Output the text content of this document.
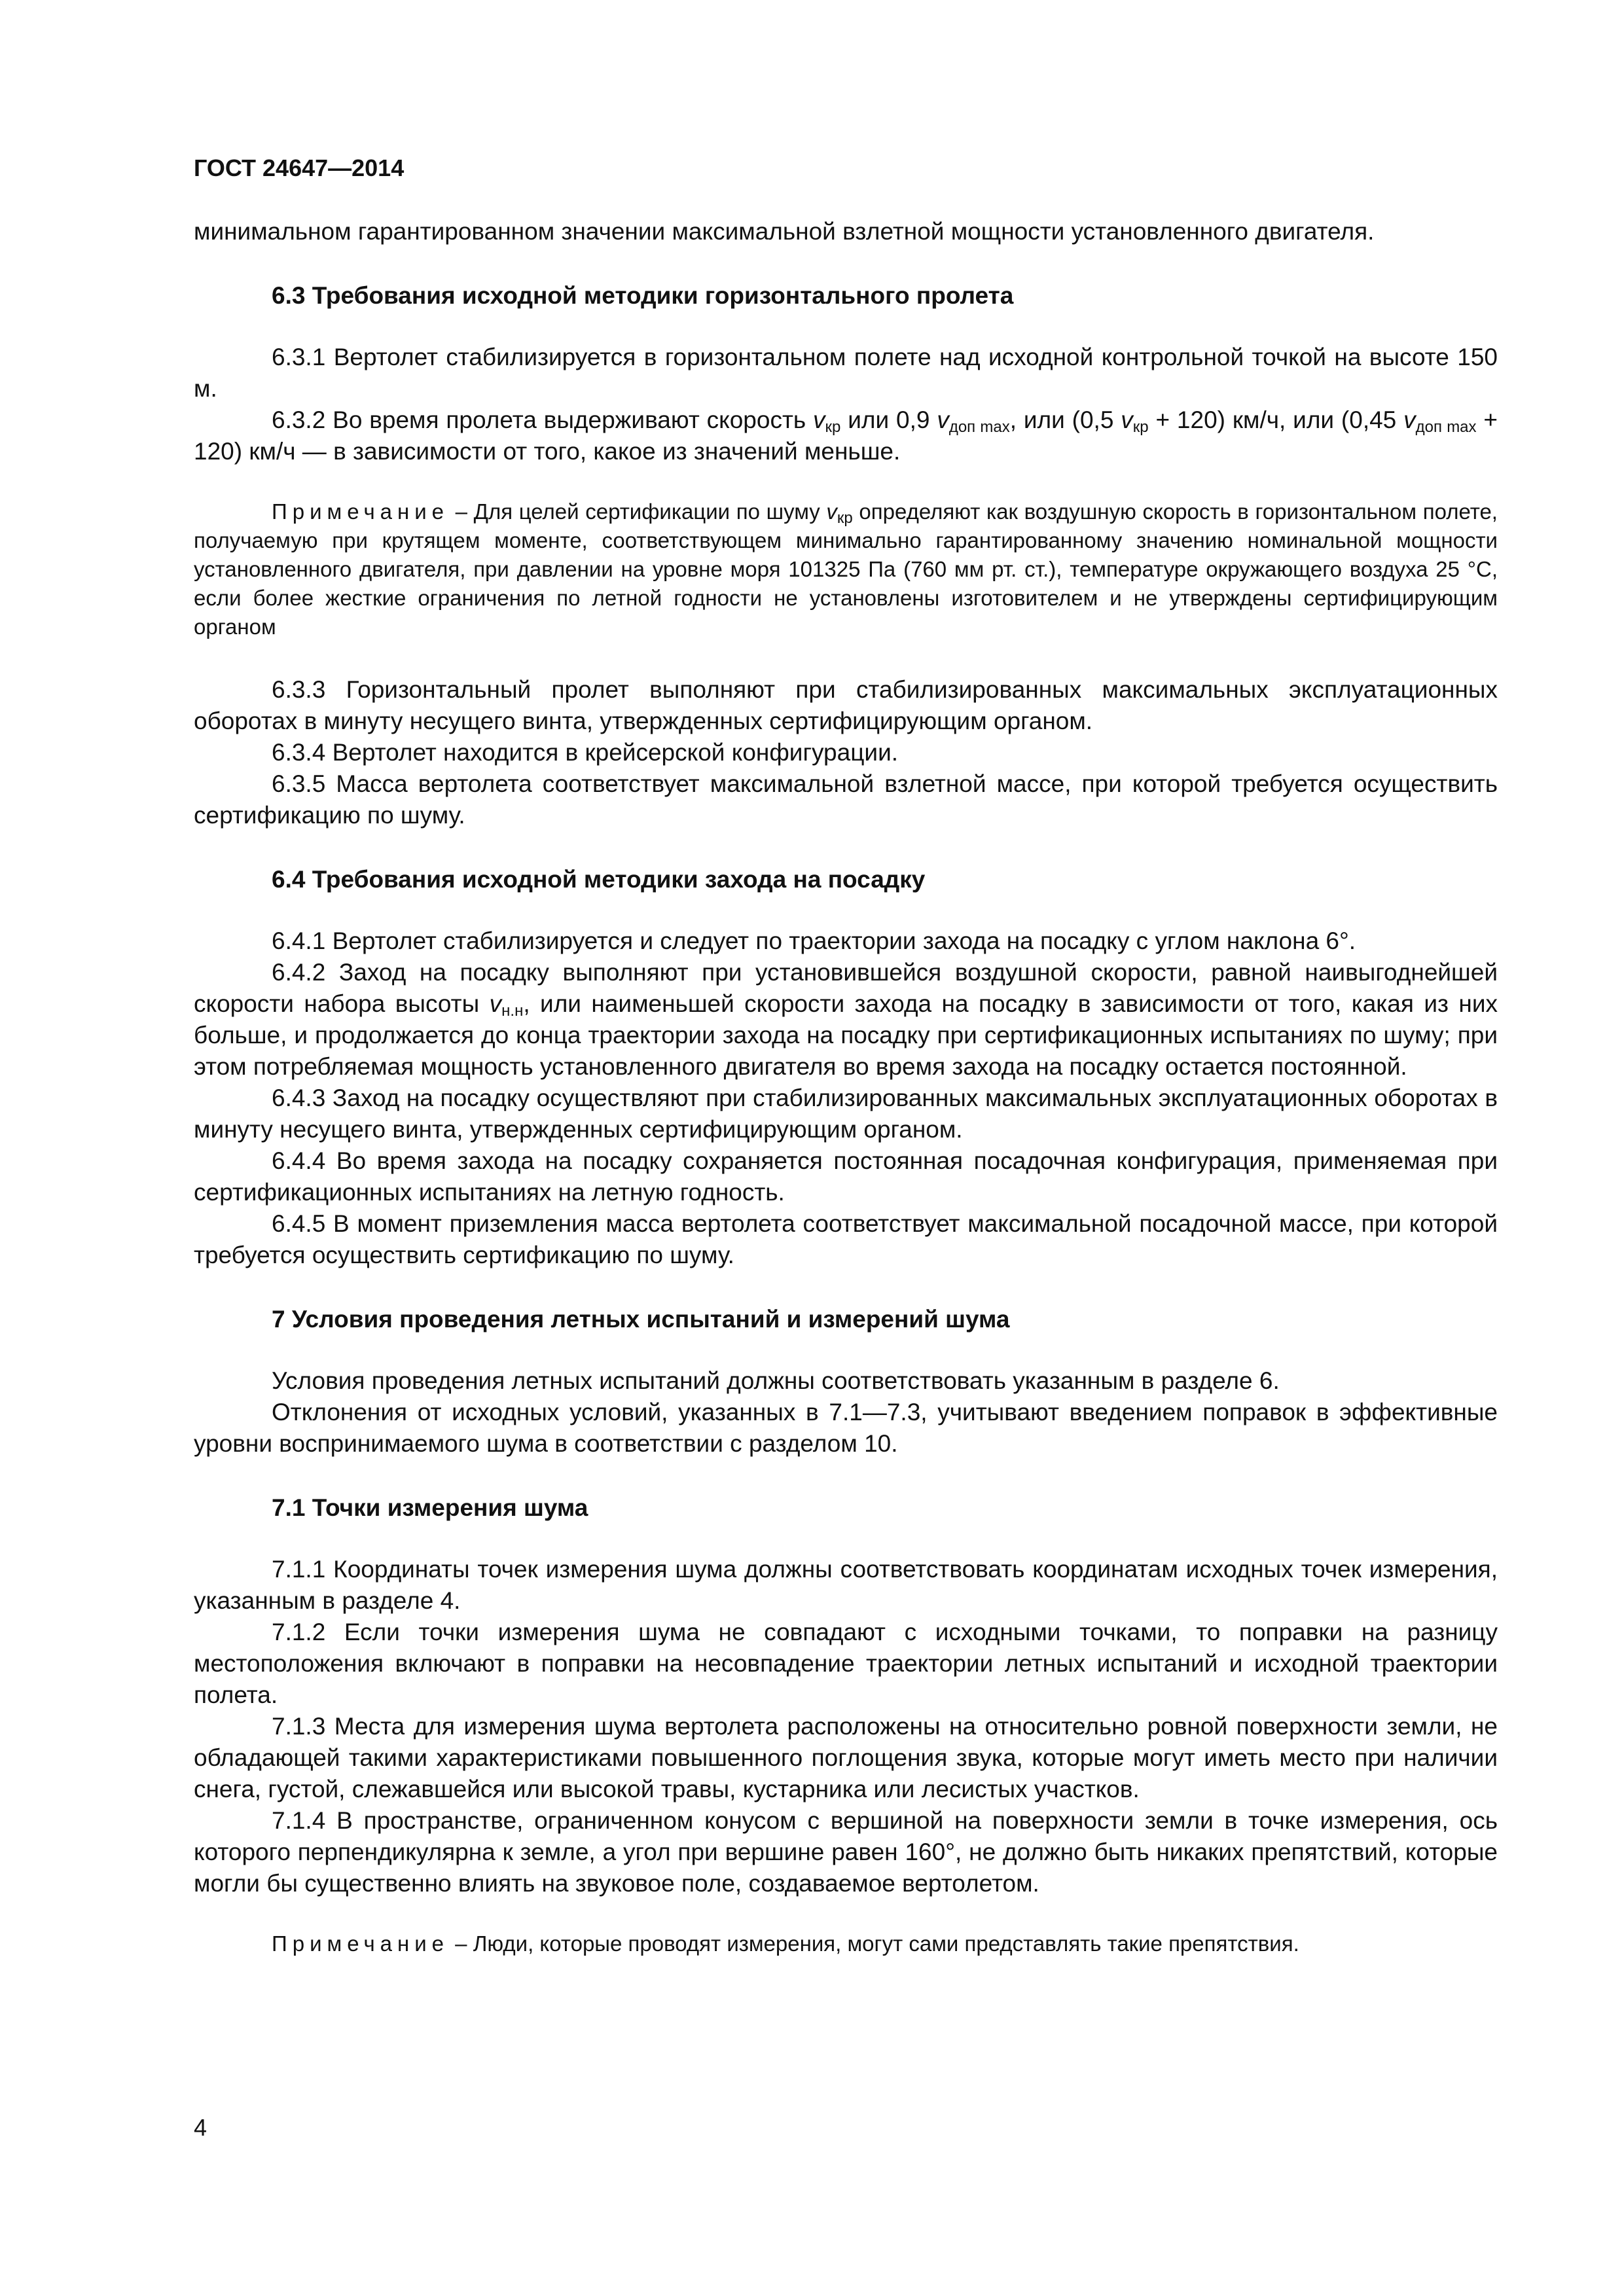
ГОСТ 24647—2014

минимальном гарантированном значении максимальной взлетной мощности установленного двигателя.

6.3 Требования исходной методики горизонтального пролета

6.3.1 Вертолет стабилизируется в горизонтальном полете над исходной контрольной точкой на высоте 150 м.

6.3.2 Во время пролета выдерживают скорость $v_{кр}$ или 0,9 $v_{доп max}$, или (0,5 $v_{кр} + 120$) км/ч, или (0,45 $v_{доп max} + 120$) км/ч — в зависимости от того, какое из значений меньше.

Примечание – Для целей сертификации по шуму $v_{кр}$ определяют как воздушную скорость в горизонтальном полете, получаемую при крутящем моменте, соответствующем минимально гарантированному значению номинальной мощности установленного двигателя, при давлении на уровне моря 101325 Па (760 мм рт. ст.), температуре окружающего воздуха 25 °С, если более жесткие ограничения по летной годности не установлены изготовителем и не утверждены сертифицирующим органом

6.3.3 Горизонтальный пролет выполняют при стабилизированных максимальных эксплуатационных оборотах в минуту несущего винта, утвержденных сертифицирующим органом.

6.3.4 Вертолет находится в крейсерской конфигурации.

6.3.5 Масса вертолета соответствует максимальной взлетной массе, при которой требуется осуществить сертификацию по шуму.

6.4 Требования исходной методики захода на посадку

6.4.1 Вертолет стабилизируется и следует по траектории захода на посадку с углом наклона 6°.

6.4.2 Заход на посадку выполняют при установившейся воздушной скорости, равной наивыгоднейшей скорости набора высоты $v_{н.н}$, или наименьшей скорости захода на посадку в зависимости от того, какая из них больше, и продолжается до конца траектории захода на посадку при сертификационных испытаниях по шуму; при этом потребляемая мощность установленного двигателя во время захода на посадку остается постоянной.

6.4.3 Заход на посадку осуществляют при стабилизированных максимальных эксплуатационных оборотах в минуту несущего винта, утвержденных сертифицирующим органом.

6.4.4 Во время захода на посадку сохраняется постоянная посадочная конфигурация, применяемая при сертификационных испытаниях на летную годность.

6.4.5 В момент приземления масса вертолета соответствует максимальной посадочной массе, при которой требуется осуществить сертификацию по шуму.

7 Условия проведения летных испытаний и измерений шума

Условия проведения летных испытаний должны соответствовать указанным в разделе 6.

Отклонения от исходных условий, указанных в 7.1—7.3, учитывают введением поправок в эффективные уровни воспринимаемого шума в соответствии с разделом 10.

7.1 Точки измерения шума

7.1.1 Координаты точек измерения шума должны соответствовать координатам исходных точек измерения, указанным в разделе 4.

7.1.2 Если точки измерения шума не совпадают с исходными точками, то поправки на разницу местоположения включают в поправки на несовпадение траектории летных испытаний и исходной траектории полета.

7.1.3 Места для измерения шума вертолета расположены на относительно ровной поверхности земли, не обладающей такими характеристиками повышенного поглощения звука, которые могут иметь место при наличии снега, густой, слежавшейся или высокой травы, кустарника или лесистых участков.

7.1.4 В пространстве, ограниченном конусом с вершиной на поверхности земли в точке измерения, ось которого перпендикулярна к земле, а угол при вершине равен 160°, не должно быть никаких препятствий, которые могли бы существенно влиять на звуковое поле, создаваемое вертолетом.

Примечание – Люди, которые проводят измерения, могут сами представлять такие препятствия.

4
